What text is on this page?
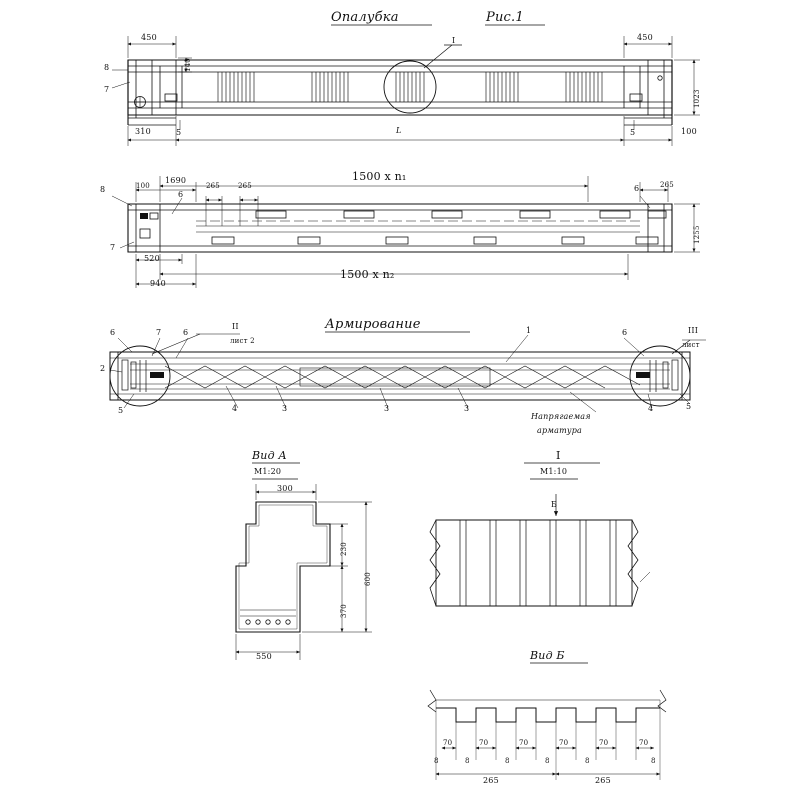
Опалубка	Рис.1
Армирование
Вид А
М1:20
Вид Б
I
М1:10
I
II
лист 2
III
лист
Напрягаемая
арматура
Б
450	450
140
1023
310	100
L
8
7
5	5
1500 x n₁
1500 x n₂
1690
100	265	265	265
520
940
1255
8
6
7
6
6	7	6
2
5	4	3	3	3
1	6
4	5
300
550
230
370
600
70	70	70	70	70	70
8	8	8	8	8	8
265	265
